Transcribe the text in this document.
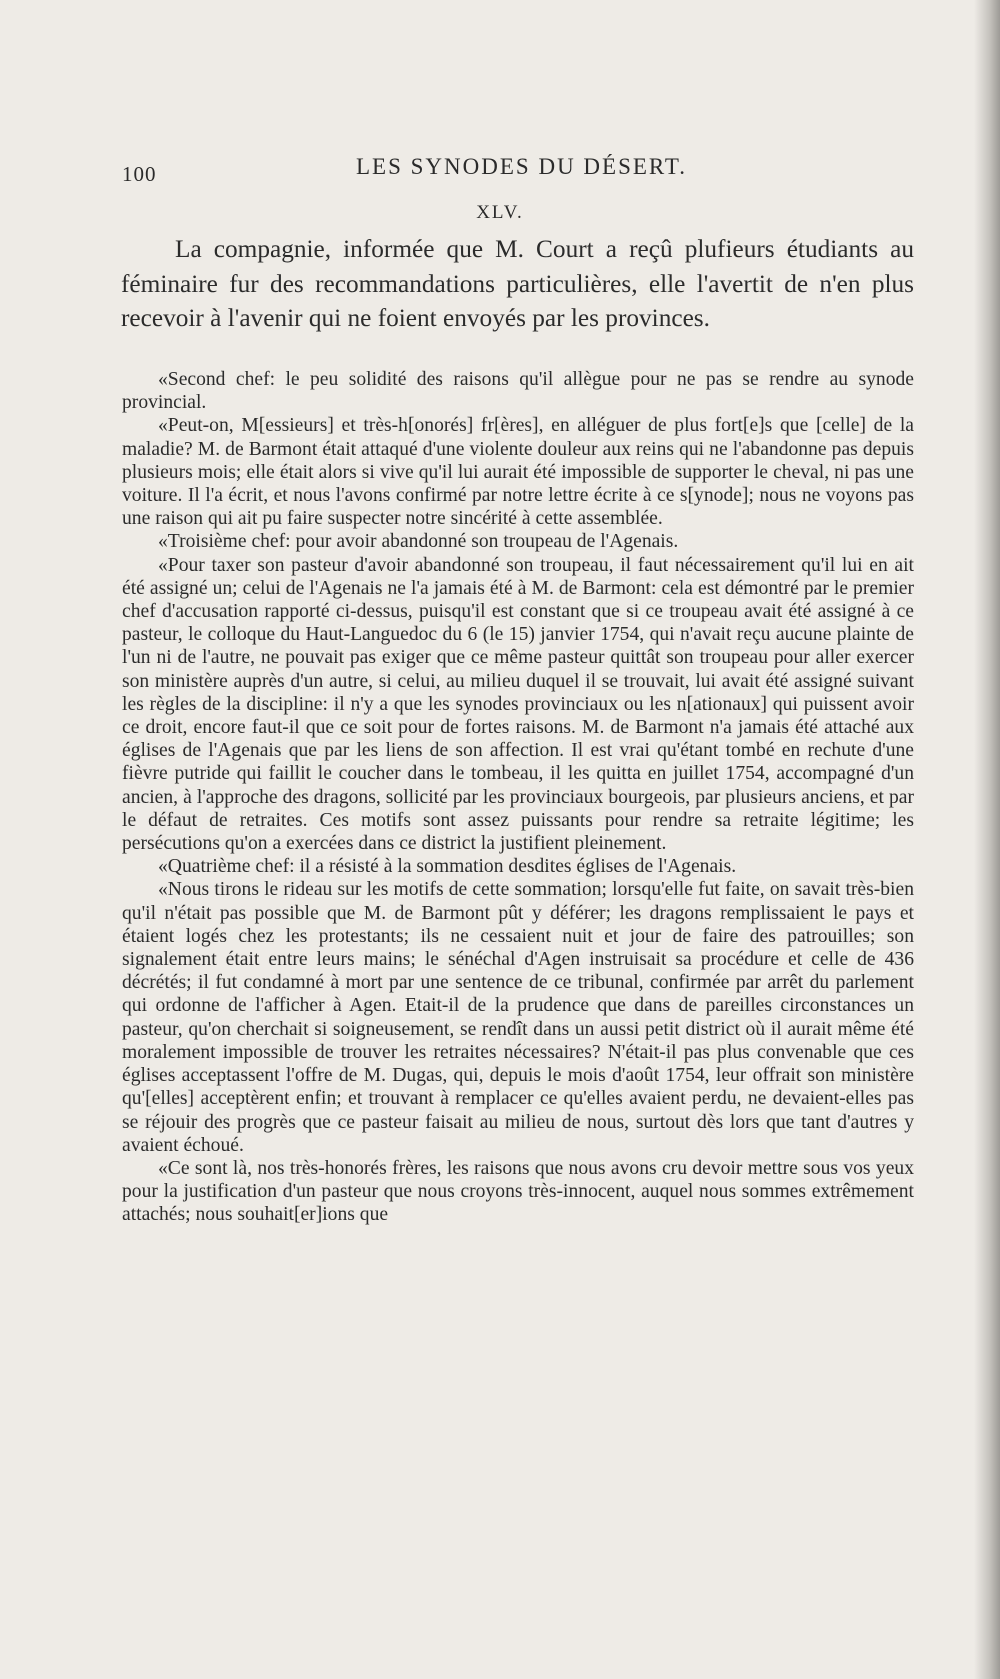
100	LES SYNODES DU DÉSERT.
XLV.

La compagnie, informée que M. Court a reçû plufieurs étudiants au féminaire fur des recommandations particulières, elle l'avertit de n'en plus recevoir à l'avenir qui ne foient envoyés par les provinces.

«Second chef: le peu solidité des raisons qu'il allègue pour ne pas se rendre au synode provincial.

«Peut-on, M[essieurs] et très-h[onorés] fr[ères], en alléguer de plus fort[e]s que [celle] de la maladie? M. de Barmont était attaqué d'une violente douleur aux reins qui ne l'abandonne pas depuis plusieurs mois; elle était alors si vive qu'il lui aurait été impossible de supporter le cheval, ni pas une voiture. Il l'a écrit, et nous l'avons confirmé par notre lettre écrite à ce s[ynode]; nous ne voyons pas une raison qui ait pu faire suspecter notre sincérité à cette assemblée.

«Troisième chef: pour avoir abandonné son troupeau de l'Agenais.

«Pour taxer son pasteur d'avoir abandonné son troupeau, il faut nécessairement qu'il lui en ait été assigné un; celui de l'Agenais ne l'a jamais été à M. de Barmont: cela est démontré par le premier chef d'accusation rapporté ci-dessus, puisqu'il est constant que si ce troupeau avait été assigné à ce pasteur, le colloque du Haut-Languedoc du 6 (le 15) janvier 1754, qui n'avait reçu aucune plainte de l'un ni de l'autre, ne pouvait pas exiger que ce même pasteur quittât son troupeau pour aller exercer son ministère auprès d'un autre, si celui, au milieu duquel il se trouvait, lui avait été assigné suivant les règles de la discipline: il n'y a que les synodes provinciaux ou les n[ationaux] qui puissent avoir ce droit, encore faut-il que ce soit pour de fortes raisons. M. de Barmont n'a jamais été attaché aux églises de l'Agenais que par les liens de son affection. Il est vrai qu'étant tombé en rechute d'une fièvre putride qui faillit le coucher dans le tombeau, il les quitta en juillet 1754, accompagné d'un ancien, à l'approche des dragons, sollicité par les provinciaux bourgeois, par plusieurs anciens, et par le défaut de retraites. Ces motifs sont assez puissants pour rendre sa retraite légitime; les persécutions qu'on a exercées dans ce district la justifient pleinement.

«Quatrième chef: il a résisté à la sommation desdites églises de l'Agenais.

«Nous tirons le rideau sur les motifs de cette sommation; lorsqu'elle fut faite, on savait très-bien qu'il n'était pas possible que M. de Barmont pût y déférer; les dragons remplissaient le pays et étaient logés chez les protestants; ils ne cessaient nuit et jour de faire des patrouilles; son signalement était entre leurs mains; le sénéchal d'Agen instruisait sa procédure et celle de 436 décrétés; il fut condamné à mort par une sentence de ce tribunal, confirmée par arrêt du parlement qui ordonne de l'afficher à Agen. Etait-il de la prudence que dans de pareilles circonstances un pasteur, qu'on cherchait si soigneusement, se rendît dans un aussi petit district où il aurait même été moralement impossible de trouver les retraites nécessaires? N'était-il pas plus convenable que ces églises acceptassent l'offre de M. Dugas, qui, depuis le mois d'août 1754, leur offrait son ministère qu'[elles] acceptèrent enfin; et trouvant à remplacer ce qu'elles avaient perdu, ne devaient-elles pas se réjouir des progrès que ce pasteur faisait au milieu de nous, surtout dès lors que tant d'autres y avaient échoué.

«Ce sont là, nos très-honorés frères, les raisons que nous avons cru devoir mettre sous vos yeux pour la justification d'un pasteur que nous croyons très-innocent, auquel nous sommes extrêmement attachés; nous souhait[er]ions que
